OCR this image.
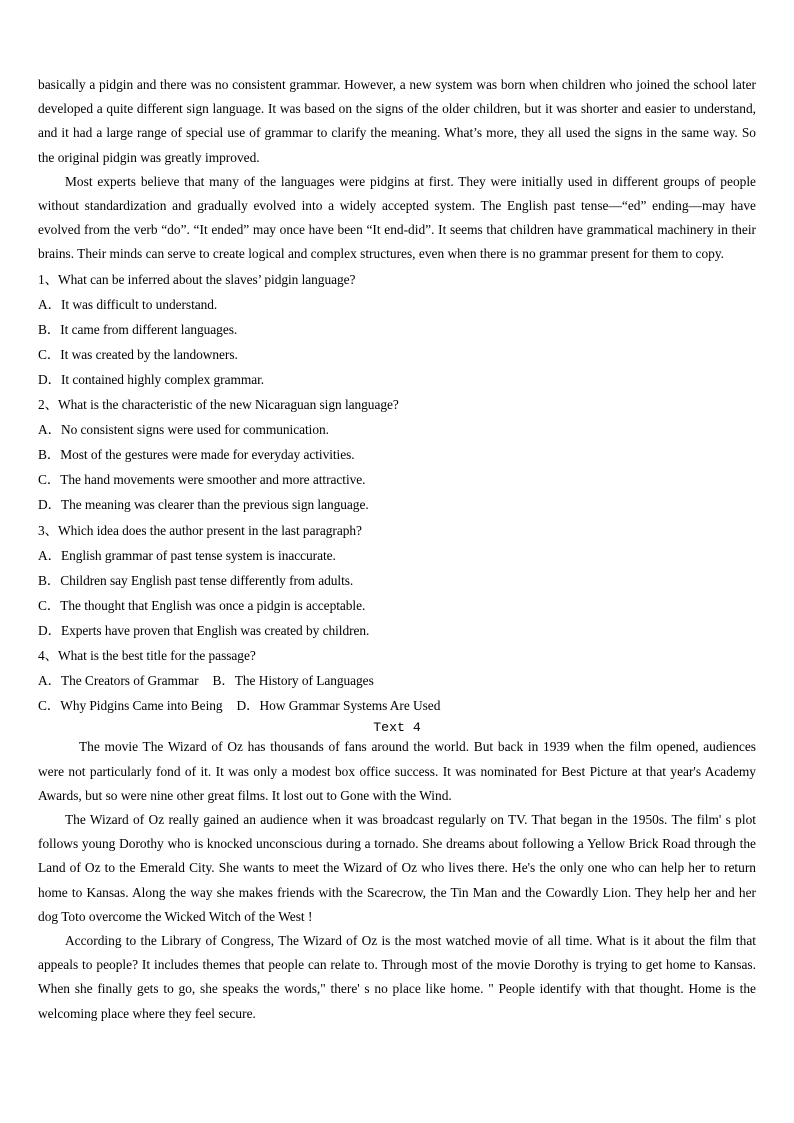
basically a pidgin and there was no consistent grammar. However, a new system was born when children who joined the school later developed a quite different sign language. It was based on the signs of the older children, but it was shorter and easier to understand, and it had a large range of special use of grammar to clarify the meaning. What’s more, they all used the signs in the same way. So the original pidgin was greatly improved.

Most experts believe that many of the languages were pidgins at first. They were initially used in different groups of people without standardization and gradually evolved into a widely accepted system. The English past tense—“ed” ending—may have evolved from the verb “do”. “It ended” may once have been “It end-did”. It seems that children have grammatical machinery in their brains. Their minds can serve to create logical and complex structures, even when there is no grammar present for them to copy.

1、What can be inferred about the slaves’ pidgin language?
A．It was difficult to understand.
B．It came from different languages.
C．It was created by the landowners.
D．It contained highly complex grammar.
2、What is the characteristic of the new Nicaraguan sign language?
A．No consistent signs were used for communication.
B．Most of the gestures were made for everyday activities.
C．The hand movements were smoother and more attractive.
D．The meaning was clearer than the previous sign language.
3、Which idea does the author present in the last paragraph?
A．English grammar of past tense system is inaccurate.
B．Children say English past tense differently from adults.
C．The thought that English was once a pidgin is acceptable.
D．Experts have proven that English was created by children.
4、What is the best title for the passage?
A．The Creators of Grammar B．The History of Languages
C．Why Pidgins Came into Being D．How Grammar Systems Are Used
Text 4

The movie The Wizard of Oz has thousands of fans around the world. But back in 1939 when the film opened, audiences were not particularly fond of it. It was only a modest box office success. It was nominated for Best Picture at that year's Academy Awards, but so were nine other great films. It lost out to Gone with the Wind.

The Wizard of Oz really gained an audience when it was broadcast regularly on TV. That began in the 1950s. The film' s plot follows young Dorothy who is knocked unconscious during a tornado. She dreams about following a Yellow Brick Road through the Land of Oz to the Emerald City. She wants to meet the Wizard of Oz who lives there. He's the only one who can help her to return home to Kansas. Along the way she makes friends with the Scarecrow, the Tin Man and the Cowardly Lion. They help her and her dog Toto overcome the Wicked Witch of the West !

According to the Library of Congress, The Wizard of Oz is the most watched movie of all time. What is it about the film that appeals to people? It includes themes that people can relate to. Through most of the movie Dorothy is trying to get home to Kansas. When she finally gets to go, she speaks the words," there' s no place like home. " People identify with that thought. Home is the welcoming place where they feel secure.
